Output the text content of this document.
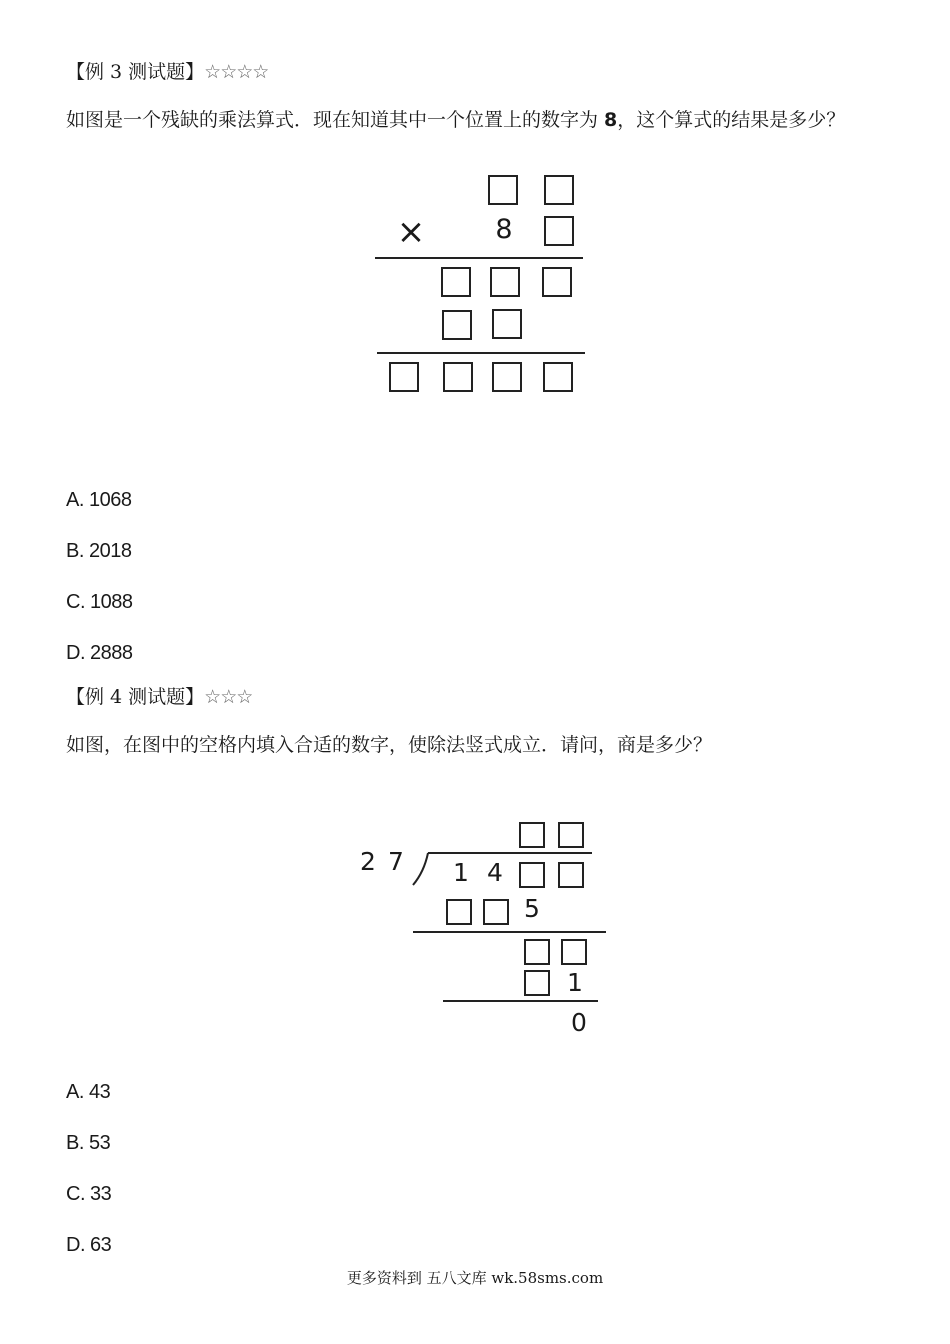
【例 3 测试题】☆☆☆☆
如图是一个残缺的乘法算式．现在知道其中一个位置上的数字为 8，这个算式的结果是多少？
×	8
A. 1068
B. 2018
C. 1088
D. 2888
【例 4 测试题】☆☆☆
如图，在图中的空格内填入合适的数字，使除法竖式成立．请问，商是多少？
2 7 1 4
5
1
0
A. 43
B. 53
C. 33
D. 63
更多资料到 五八文库 wk.58sms.com
